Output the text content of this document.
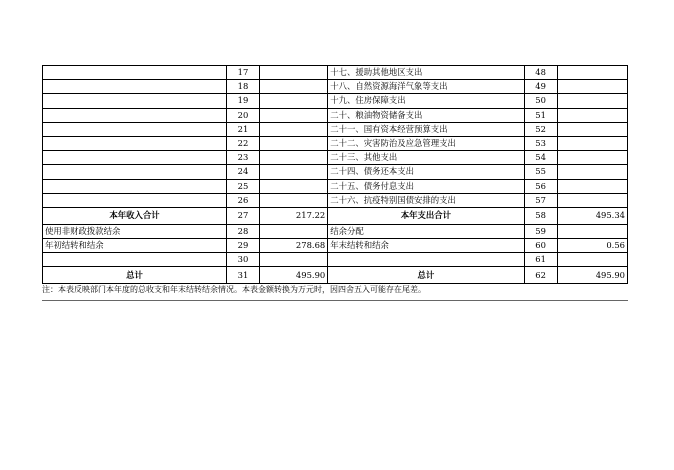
	17		十七、援助其他地区支出	48	
	18		十八、自然资源海洋气象等支出	49	
	19		十九、住房保障支出	50	
	20		二十、粮油物资储备支出	51	
	21		二十一、国有资本经营预算支出	52	
	22		二十二、灾害防治及应急管理支出	53	
	23		二十三、其他支出	54	
	24		二十四、债务还本支出	55	
	25		二十五、债务付息支出	56	
	26		二十六、抗疫特别国债安排的支出	57	
本年收入合计	27	217.22	本年支出合计	58	495.34
使用非财政拨款结余	28		结余分配	59	
年初结转和结余	29	278.68	年末结转和结余	60	0.56
	30			61	
总计	31	495.90	总计	62	495.90
注：本表反映部门本年度的总收支和年末结转结余情况。本表金额转换为万元时，因四舍五入可能存在尾差。
